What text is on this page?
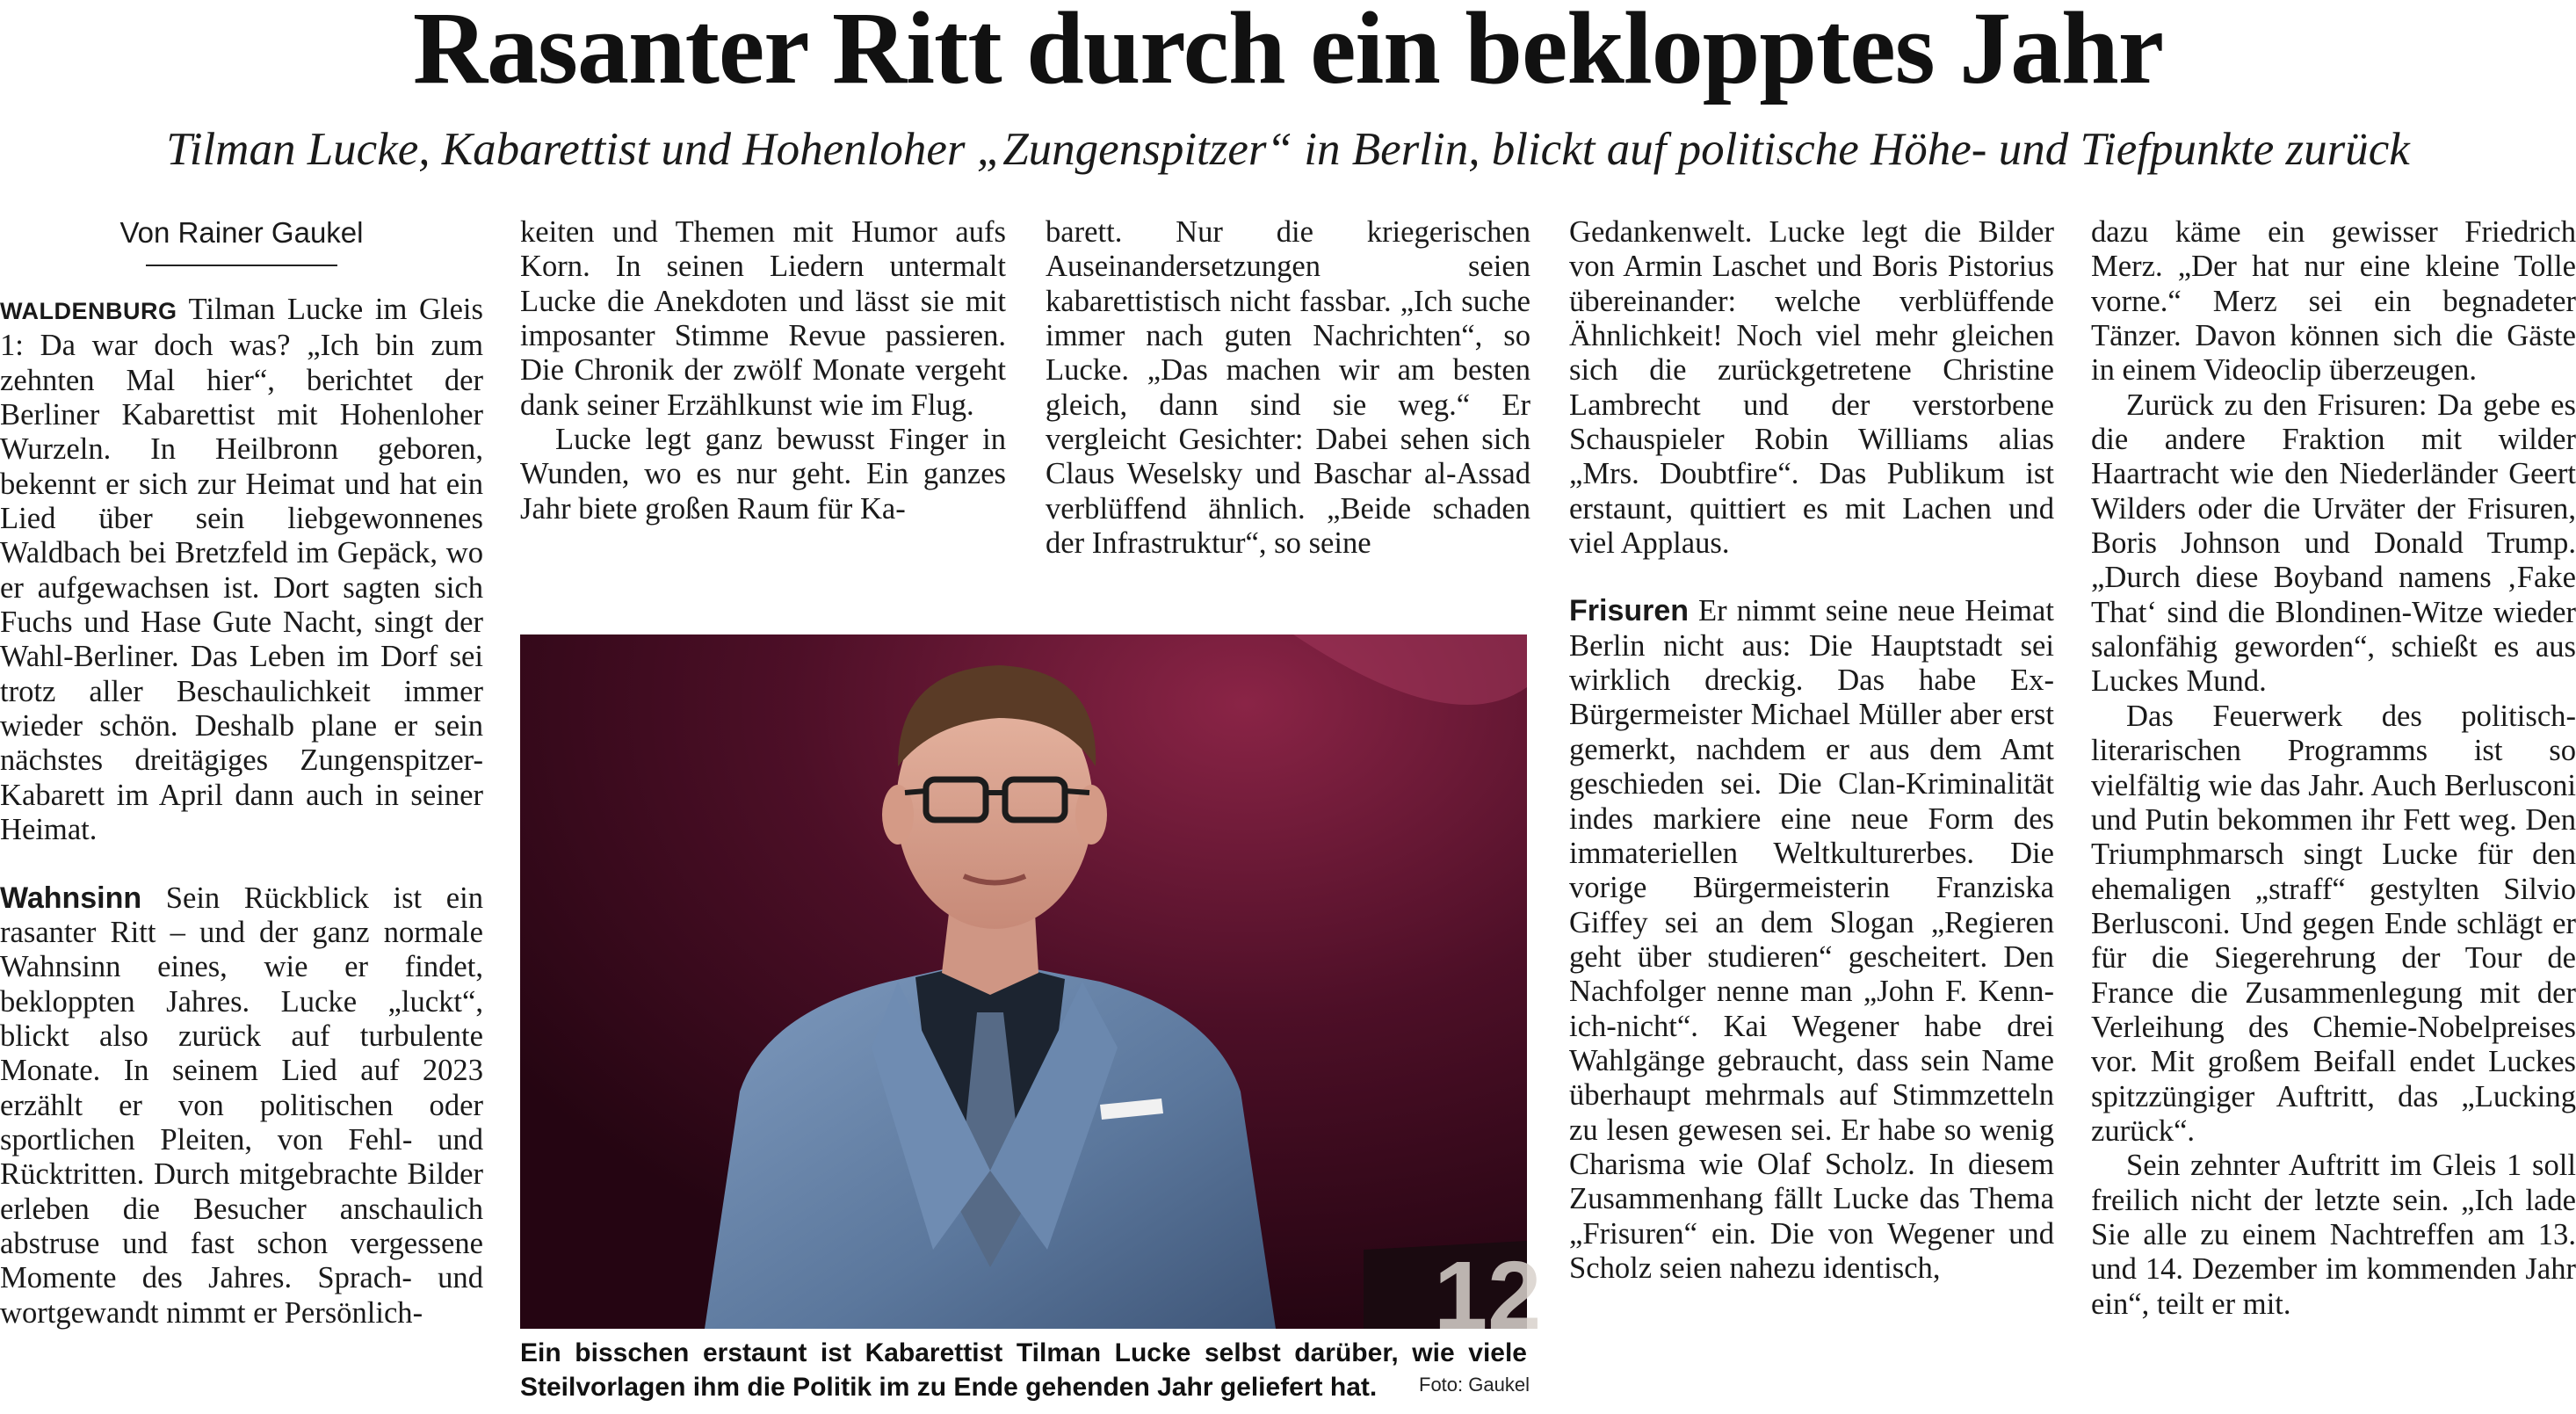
Rasanter Ritt durch ein beklopptes Jahr
Tilman Lucke, Kabarettist und Hohenloher „Zungenspitzer“ in Berlin, blickt auf politische Höhe- und Tiefpunkte zurück
Von Rainer Gaukel

WALDENBURG Tilman Lucke im Gleis 1: Da war doch was? „Ich bin zum zehnten Mal hier“, berichtet der Berliner Kabarettist mit Hohenloher Wurzeln. In Heilbronn geboren, bekennt er sich zur Heimat und hat ein Lied über sein liebgewonnenes Waldbach bei Bretzfeld im Gepäck, wo er aufgewachsen ist. Dort sagten sich Fuchs und Hase Gute Nacht, singt der Wahl-Berliner. Das Leben im Dorf sei trotz aller Beschaulichkeit immer wieder schön. Deshalb plane er sein nächstes dreitägiges Zungenspitzer-Kabarett im April dann auch in seiner Heimat.

Wahnsinn Sein Rückblick ist ein rasanter Ritt – und der ganz normale Wahnsinn eines, wie er findet, bekloppten Jahres. Lucke „luckt“, blickt also zurück auf turbulente Monate. In seinem Lied auf 2023 erzählt er von politischen oder sportlichen Pleiten, von Fehl- und Rücktritten. Durch mitgebrachte Bilder erleben die Besucher anschaulich abstruse und fast schon vergessene Momente des Jahres. Sprach- und wortgewandt nimmt er Persönlich-

keiten und Themen mit Humor aufs Korn. In seinen Liedern untermalt Lucke die Anekdoten und lässt sie mit imposanter Stimme Revue passieren. Die Chronik der zwölf Monate vergeht dank seiner Erzählkunst wie im Flug.

Lucke legt ganz bewusst Finger in Wunden, wo es nur geht. Ein ganzes Jahr biete großen Raum für Ka-

barett. Nur die kriegerischen Auseinandersetzungen seien kabarettistisch nicht fassbar. „Ich suche immer nach guten Nachrichten“, so Lucke. „Das machen wir am besten gleich, dann sind sie weg.“ Er vergleicht Gesichter: Dabei sehen sich Claus Weselsky und Baschar al-Assad verblüffend ähnlich. „Beide schaden der Infrastruktur“, so seine

12
Ein bisschen erstaunt ist Kabarettist Tilman Lucke selbst darüber, wie viele Steilvorlagen ihm die Politik im zu Ende gehenden Jahr geliefert hat.	Foto: Gaukel

Gedankenwelt. Lucke legt die Bilder von Armin Laschet und Boris Pistorius übereinander: welche verblüffende Ähnlichkeit! Noch viel mehr gleichen sich die zurückgetretene Christine Lambrecht und der verstorbene Schauspieler Robin Williams alias „Mrs. Doubtfire“. Das Publikum ist erstaunt, quittiert es mit Lachen und viel Applaus.

Frisuren Er nimmt seine neue Heimat Berlin nicht aus: Die Hauptstadt sei wirklich dreckig. Das habe Ex-Bürgermeister Michael Müller aber erst gemerkt, nachdem er aus dem Amt geschieden sei. Die Clan-Kriminalität indes markiere eine neue Form des immateriellen Weltkulturerbes. Die vorige Bürgermeisterin Franziska Giffey sei an dem Slogan „Regieren geht über studieren“ gescheitert. Den Nachfolger nenne man „John F. Kenn-ich-nicht“. Kai Wegener habe drei Wahlgänge gebraucht, dass sein Name überhaupt mehrmals auf Stimmzetteln zu lesen gewesen sei. Er habe so wenig Charisma wie Olaf Scholz. In diesem Zusammenhang fällt Lucke das Thema „Frisuren“ ein. Die von Wegener und Scholz seien nahezu identisch,

dazu käme ein gewisser Friedrich Merz. „Der hat nur eine kleine Tolle vorne.“ Merz sei ein begnadeter Tänzer. Davon können sich die Gäste in einem Videoclip überzeugen.

Zurück zu den Frisuren: Da gebe es die andere Fraktion mit wilder Haartracht wie den Niederländer Geert Wilders oder die Urväter der Frisuren, Boris Johnson und Donald Trump. „Durch diese Boyband namens ‚Fake That‘ sind die Blondinen-Witze wieder salonfähig geworden“, schießt es aus Luckes Mund.

Das Feuerwerk des politisch-literarischen Programms ist so vielfältig wie das Jahr. Auch Berlusconi und Putin bekommen ihr Fett weg. Den Triumphmarsch singt Lucke für den ehemaligen „straff“ gestylten Silvio Berlusconi. Und gegen Ende schlägt er für die Siegerehrung der Tour de France die Zusammenlegung mit der Verleihung des Chemie-Nobelpreises vor. Mit großem Beifall endet Luckes spitzzüngiger Auftritt, das „Lucking zurück“.

Sein zehnter Auftritt im Gleis 1 soll freilich nicht der letzte sein. „Ich lade Sie alle zu einem Nachtreffen am 13. und 14. Dezember im kommenden Jahr ein“, teilt er mit.
